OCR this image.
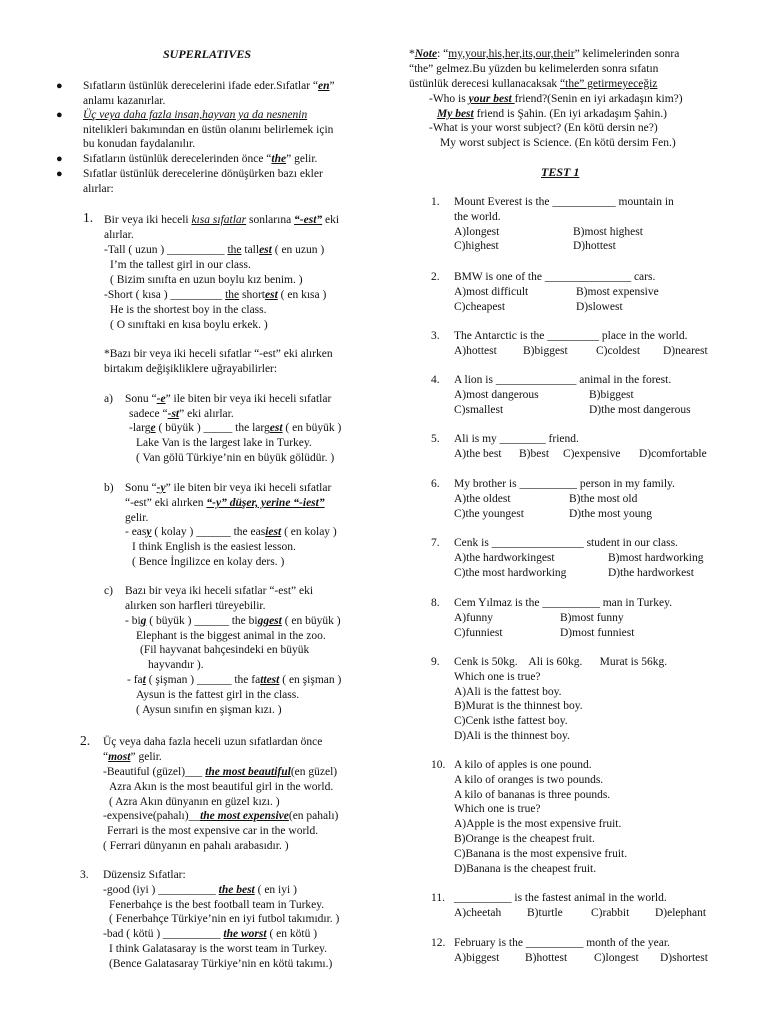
SUPERLATIVES
● Sıfatların üstünlük derecelerini ifade eder.Sıfatlar “en”
anlamı kazanırlar.
● Üç veya daha fazla insan,hayvan ya da nesnenin
nitelikleri bakımından en üstün olanını belirlemek için
bu konudan faydalanılır.
● Sıfatların üstünlük derecelerinden önce “the” gelir.
● Sıfatlar üstünlük derecelerine dönüşürken bazı ekler
alırlar:
1. Bir veya iki heceli kısa sıfatlar sonlarına “-est” eki
alırlar.
-Tall ( uzun ) __________ the tallest ( en uzun )
I’m the tallest girl in our class.
( Bizim sınıfta en uzun boylu kız benim. )
-Short ( kısa ) _________ the shortest ( en kısa )
He is the shortest boy in the class.
( O sınıftaki en kısa boylu erkek. )
*Bazı bir veya iki heceli sıfatlar “-est” eki alırken
birtakım değişikliklere uğrayabilirler:
a) Sonu “-e” ile biten bir veya iki heceli sıfatlar
sadece “-st” eki alırlar.
-large ( büyük ) _____ the largest ( en büyük )
Lake Van is the largest lake in Turkey.
( Van gölü Türkiye’nin en büyük gölüdür. )
b) Sonu “-y” ile biten bir veya iki heceli sıfatlar
“-est” eki alırken “-y” düşer, yerine “-iest”
gelir.
- easy ( kolay ) ______ the easiest ( en kolay )
I think English is the easiest lesson.
( Bence İngilizce en kolay ders. )
c) Bazı bir veya iki heceli sıfatlar “-est” eki
alırken son harfleri türeyebilir.
- big ( büyük ) ______ the biggest ( en büyük )
Elephant is the biggest animal in the zoo.
(Fil hayvanat bahçesindeki en büyük
hayvandır ).
- fat ( şişman ) ______ the fattest ( en şişman )
Aysun is the fattest girl in the class.
( Aysun sınıfın en şişman kızı. )
2. Üç veya daha fazla heceli uzun sıfatlardan önce
“most” gelir.
-Beautiful (güzel)___ the most beautiful(en güzel)
Azra Akın is the most beautiful girl in the world.
( Azra Akın dünyanın en güzel kızı. )
-expensive(pahalı)__the most expensive(en pahalı)
Ferrari is the most expensive car in the world.
( Ferrari dünyanın en pahalı arabasıdır. )
3. Düzensiz Sıfatlar:
-good (iyi ) __________ the best ( en iyi )
Fenerbahçe is the best football team in Turkey.
( Fenerbahçe Türkiye’nin en iyi futbol takımıdır. )
-bad ( kötü ) __________ the worst ( en kötü )
I think Galatasaray is the worst team in Turkey.
(Bence Galatasaray Türkiye’nin en kötü takımı.)
*Note: “my,your,his,her,its,our,their” kelimelerinden sonra
“the” gelmez.Bu yüzden bu kelimelerden sonra sıfatın
üstünlük derecesi kullanacaksak “the” getirmeyeceğiz
-Who is your best friend?(Senin en iyi arkadaşın kim?)
My best friend is Şahin. (En iyi arkadaşım Şahin.)
-What is your worst subject? (En kötü dersin ne?)
My worst subject is Science. (En kötü dersim Fen.)
TEST 1
1. Mount Everest is the ___________ mountain in
the world.
A)longest	B)most highest
C)highest	D)hottest
2. BMW is one of the _______________ cars.
A)most difficult	B)most expensive
C)cheapest	D)slowest
3. The Antarctic is the _________ place in the world.
A)hottest B)biggest C)coldest D)nearest
4. A lion is ______________ animal in the forest.
A)most dangerous	B)biggest
C)smallest	D)the most dangerous
5. Ali is my ________ friend.
A)the best B)best C)expensive D)comfortable
6. My brother is __________ person in my family.
A)the oldest	B)the most old
C)the youngest	D)the most young
7. Cenk is ________________ student in our class.
A)the hardworkingest	B)most hardworking
C)the most hardworking	D)the hardworkest
8. Cem Yılmaz is the __________ man in Turkey.
A)funny	B)most funny
C)funniest	D)most funniest
9. Cenk is 50kg.    Ali is 60kg.      Murat is 56kg.
Which one is true?
A)Ali is the fattest boy.
B)Murat is the thinnest boy.
C)Cenk isthe fattest boy.
D)Ali is the thinnest boy.
10. A kilo of apples is one pound.
A kilo of oranges is two pounds.
A kilo of bananas is three pounds.
Which one is true?
A)Apple is the most expensive fruit.
B)Orange is the cheapest fruit.
C)Banana is the most expensive fruit.
D)Banana is the cheapest fruit.
11. __________ is the fastest animal in the world.
A)cheetah B)turtle C)rabbit D)elephant
12. February is the __________ month of the year.
A)biggest B)hottest C)longest D)shortest
